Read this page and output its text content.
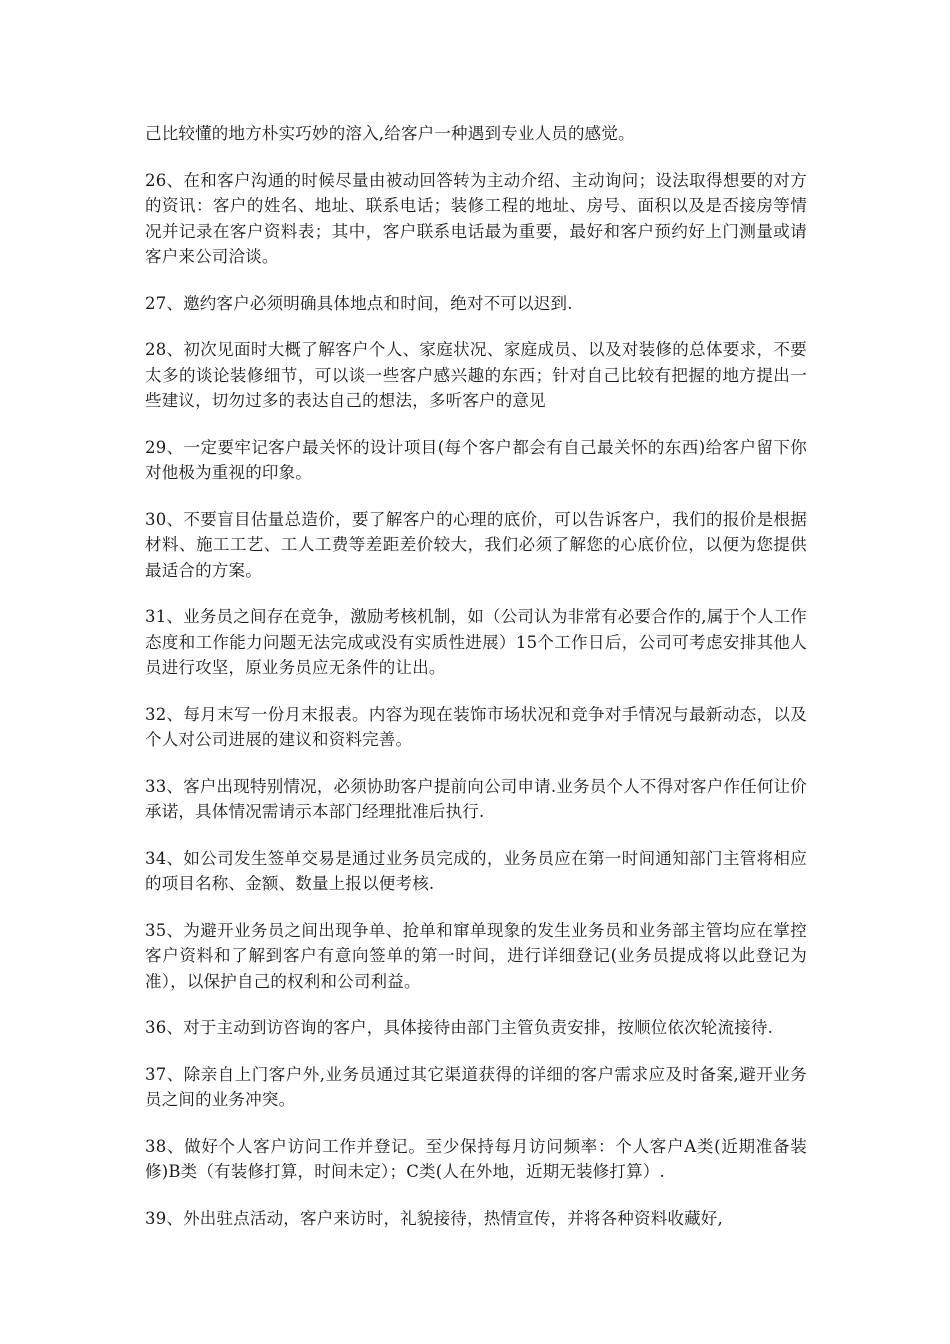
己比较懂的地方朴实巧妙的溶入,给客户一种遇到专业人员的感觉。

26、在和客户沟通的时候尽量由被动回答转为主动介绍、主动询问；设法取得想要的对方的资讯：客户的姓名、地址、联系电话；装修工程的地址、房号、面积以及是否接房等情况并记录在客户资料表；其中，客户联系电话最为重要，最好和客户预约好上门测量或请客户来公司洽谈。

27、邀约客户必须明确具体地点和时间，绝对不可以迟到.

28、初次见面时大概了解客户个人、家庭状况、家庭成员、以及对装修的总体要求，不要太多的谈论装修细节，可以谈一些客户感兴趣的东西；针对自己比较有把握的地方提出一些建议，切勿过多的表达自己的想法，多听客户的意见

29、一定要牢记客户最关怀的设计项目(每个客户都会有自己最关怀的东西)给客户留下你对他极为重视的印象。

30、不要盲目估量总造价，要了解客户的心理的底价，可以告诉客户，我们的报价是根据材料、施工工艺、工人工费等差距差价较大，我们必须了解您的心底价位，以便为您提供最适合的方案。

31、业务员之间存在竞争，激励考核机制，如（公司认为非常有必要合作的,属于个人工作态度和工作能力问题无法完成或没有实质性进展）15个工作日后，公司可考虑安排其他人员进行攻坚，原业务员应无条件的让出。

32、每月末写一份月末报表。内容为现在装饰市场状况和竞争对手情况与最新动态，以及个人对公司进展的建议和资料完善。

33、客户出现特别情况，必须协助客户提前向公司申请.业务员个人不得对客户作任何让价承诺，具体情况需请示本部门经理批准后执行.

34、如公司发生签单交易是通过业务员完成的，业务员应在第一时间通知部门主管将相应的项目名称、金额、数量上报以便考核.

35、为避开业务员之间出现争单、抢单和窜单现象的发生业务员和业务部主管均应在掌控客户资料和了解到客户有意向签单的第一时间，进行详细登记(业务员提成将以此登记为准），以保护自己的权利和公司利益。

36、对于主动到访咨询的客户，具体接待由部门主管负责安排，按顺位依次轮流接待.

37、除亲自上门客户外,业务员通过其它渠道获得的详细的客户需求应及时备案,避开业务员之间的业务冲突。

38、做好个人客户访问工作并登记。至少保持每月访问频率：个人客户A类(近期准备装修)B类（有装修打算，时间未定）；C类(人在外地，近期无装修打算）.

39、外出驻点活动，客户来访时，礼貌接待，热情宣传，并将各种资料收藏好,
